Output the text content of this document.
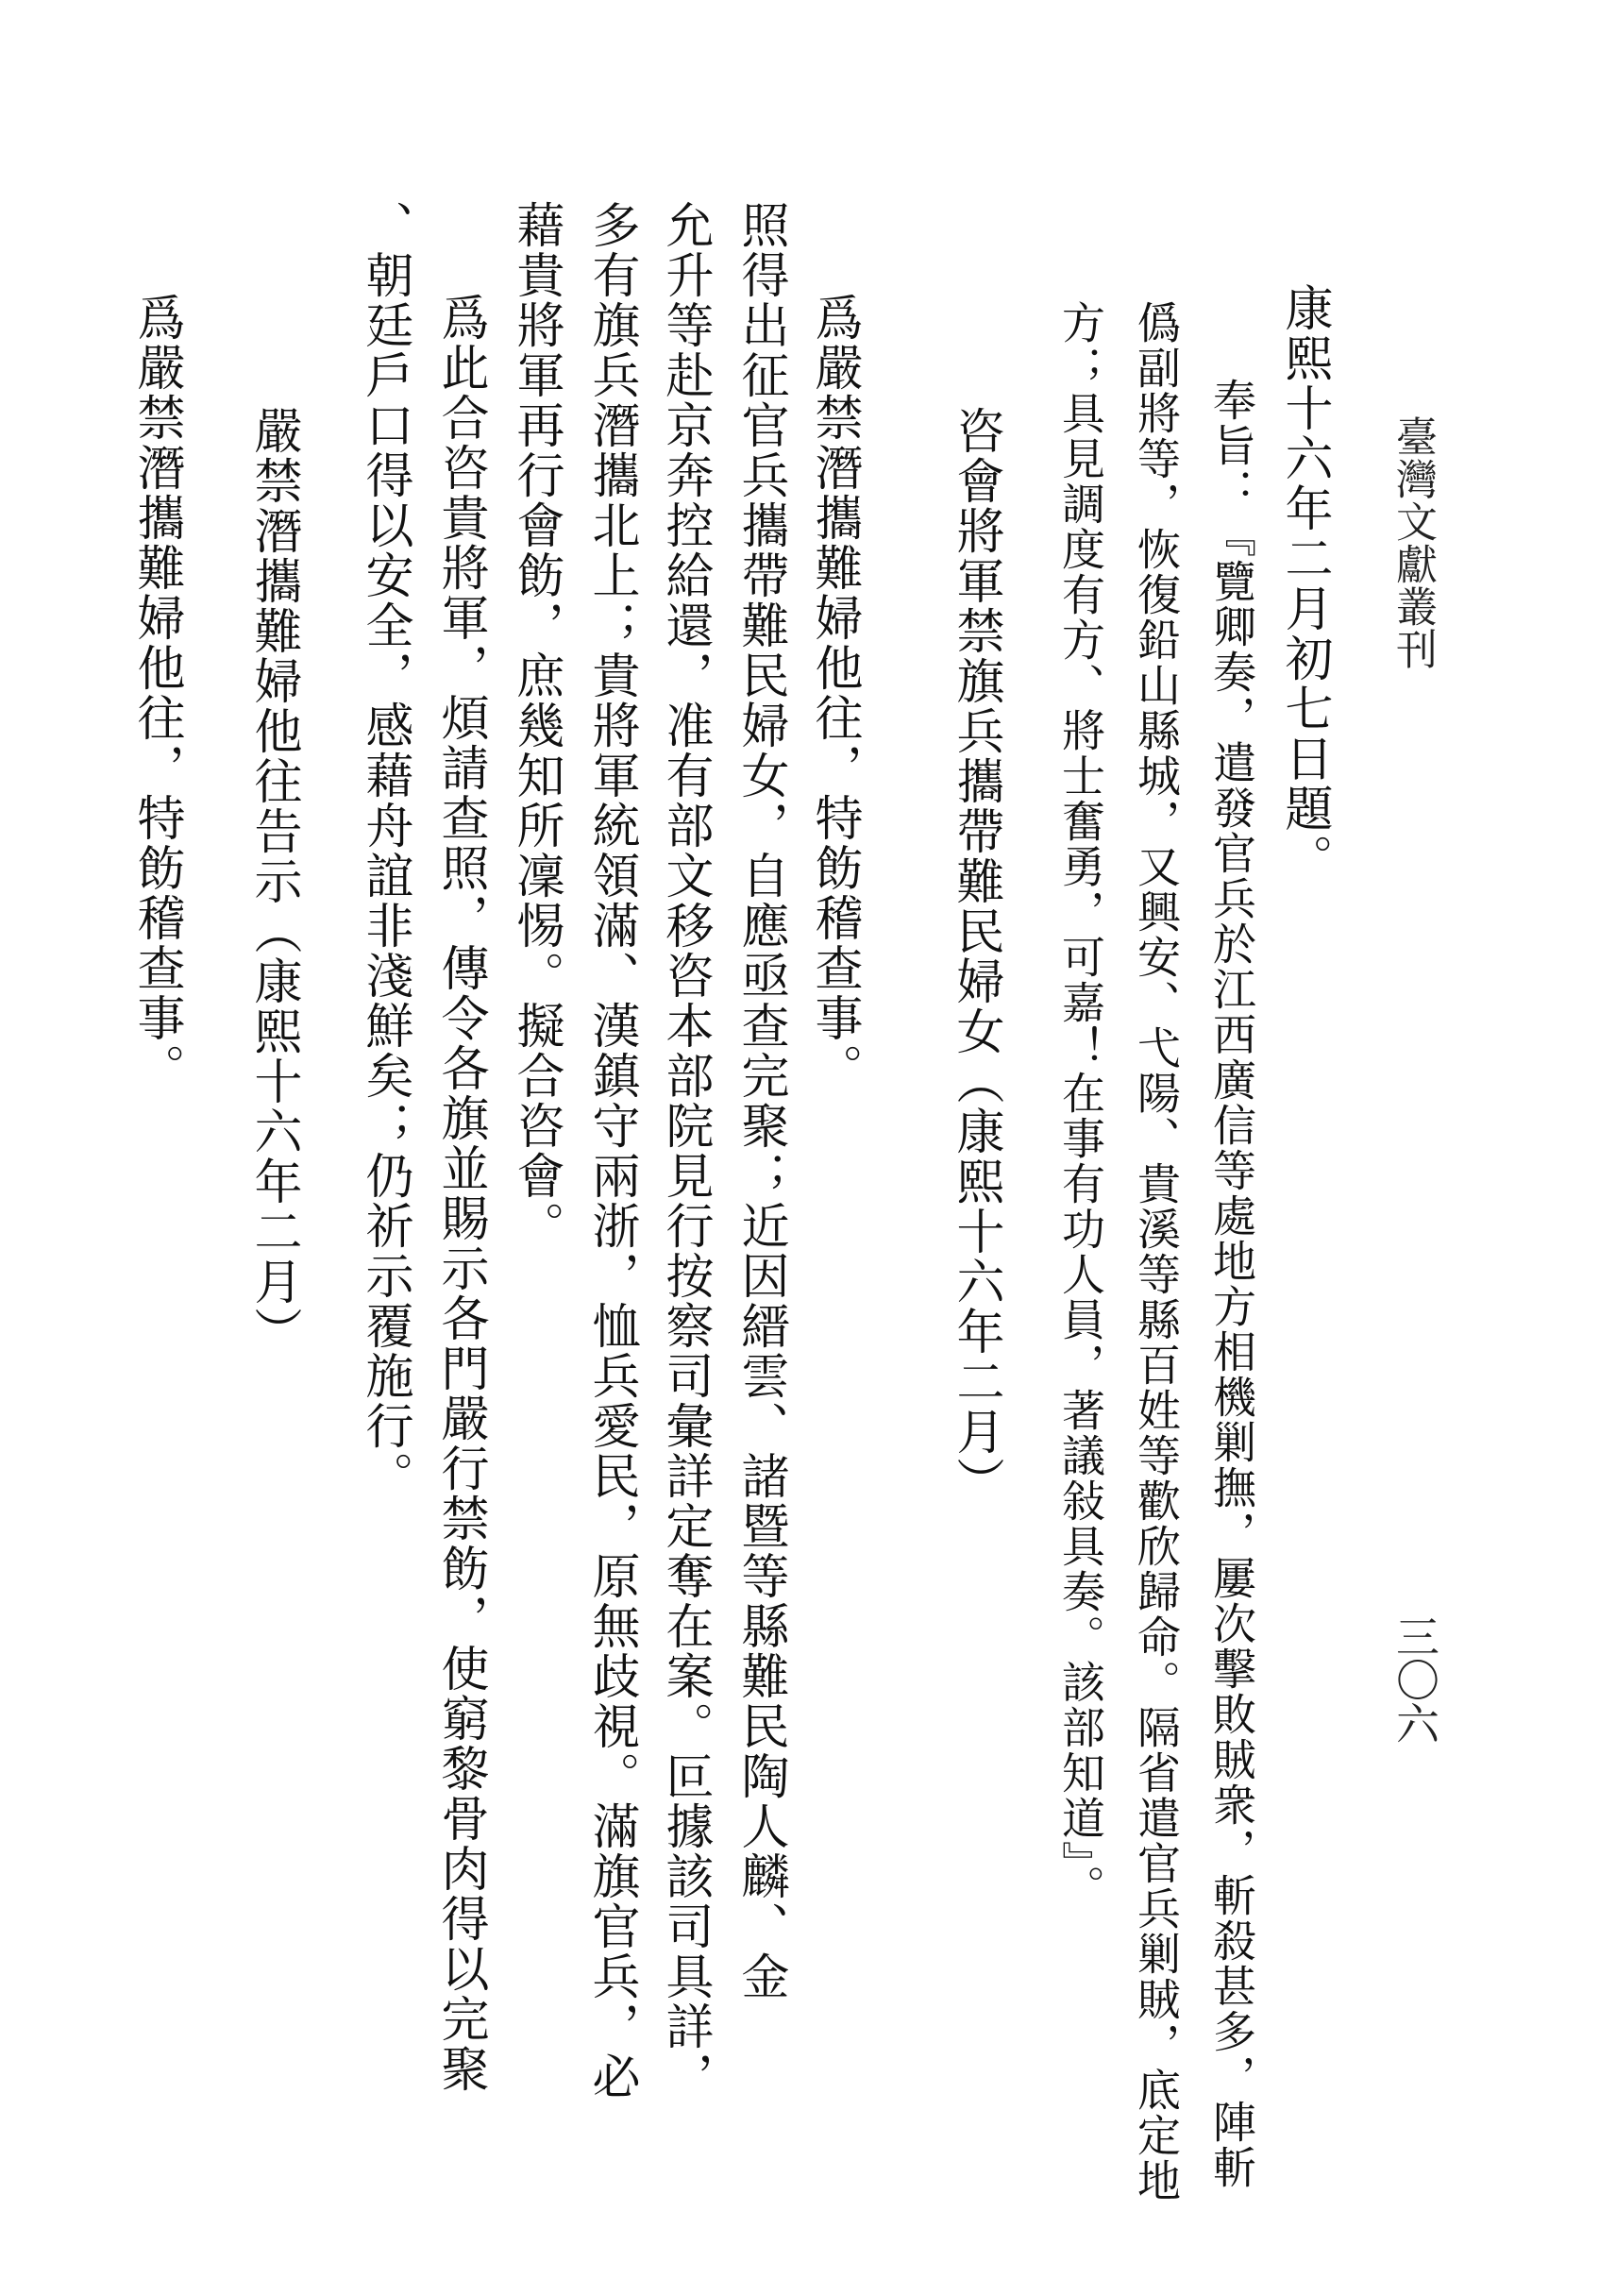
臺灣文獻叢刊
三〇六
康熙十六年二月初七日題。
奉旨：『覽卿奏，遣發官兵於江西廣信等處地方相機剿撫，屢次擊敗賊衆，斬殺甚多，陣斬
僞副將等，恢復鉛山縣城，又興安、弋陽、貴溪等縣百姓等歡欣歸命。隔省遣官兵剿賊，底定地
方；具見調度有方、將士奮勇，可嘉！在事有功人員，著議敍具奏。該部知道』。
咨會將軍禁旗兵攜帶難民婦女（康熙十六年二月）
爲嚴禁潛攜難婦他往，特飭稽查事。
照得出征官兵攜帶難民婦女，自應亟查完聚；近因縉雲、諸暨等縣難民陶人麟、金
允升等赴京奔控給還，准有部文移咨本部院見行按察司彙詳定奪在案。叵據該司具詳，
多有旗兵潛攜北上；貴將軍統領滿、漢鎮守兩浙，恤兵愛民，原無歧視。滿旗官兵，必
藉貴將軍再行會飭，庶幾知所凜惕。擬合咨會。
爲此合咨貴將軍，煩請查照，傳令各旗並賜示各門嚴行禁飭，使窮黎骨肉得以完聚
、朝廷戶口得以安全，感藉舟誼非淺鮮矣；仍祈示覆施行。
嚴禁潛攜難婦他往告示（康熙十六年二月）
爲嚴禁潛攜難婦他往，特飭稽查事。
